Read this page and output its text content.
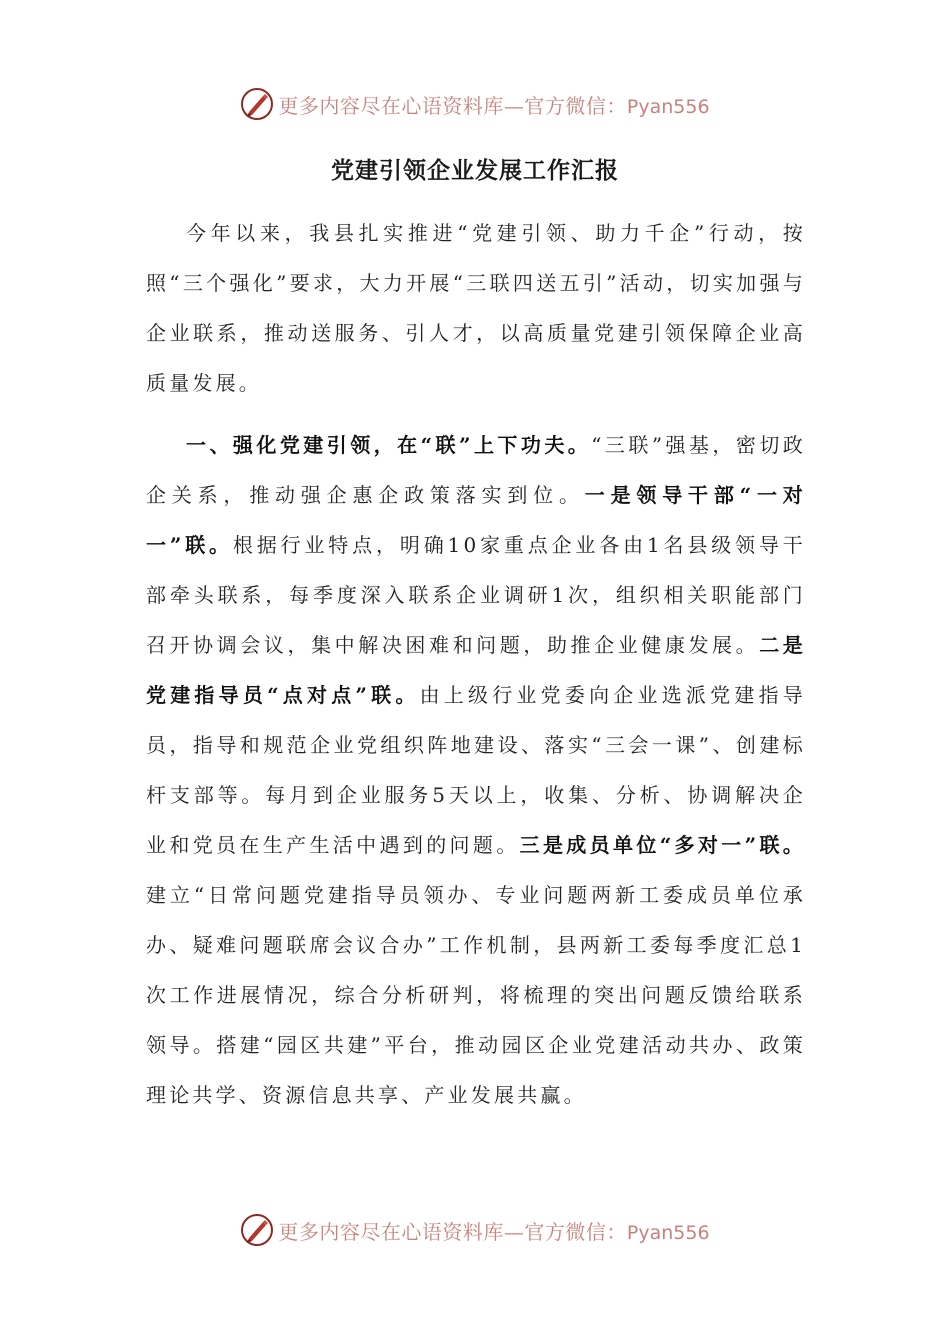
更多内容尽在心语资料库—官方微信：Pyan556
党建引领企业发展工作汇报

今年以来，我县扎实推进“党建引领、助力千企”行动，按照“三个强化”要求，大力开展“三联四送五引”活动，切实加强与企业联系，推动送服务、引人才，以高质量党建引领保障企业高质量发展。

一、强化党建引领，在“联”上下功夫。“三联”强基，密切政企关系，推动强企惠企政策落实到位。一是领导干部“一对一”联。根据行业特点，明确10家重点企业各由1名县级领导干部牵头联系，每季度深入联系企业调研1次，组织相关职能部门召开协调会议，集中解决困难和问题，助推企业健康发展。二是党建指导员“点对点”联。由上级行业党委向企业选派党建指导员，指导和规范企业党组织阵地建设、落实“三会一课”、创建标杆支部等。每月到企业服务5天以上，收集、分析、协调解决企业和党员在生产生活中遇到的问题。三是成员单位“多对一”联。建立“日常问题党建指导员领办、专业问题两新工委成员单位承办、疑难问题联席会议合办”工作机制，县两新工委每季度汇总1次工作进展情况，综合分析研判，将梳理的突出问题反馈给联系领导。搭建“园区共建”平台，推动园区企业党建活动共办、政策理论共学、资源信息共享、产业发展共赢。

更多内容尽在心语资料库—官方微信：Pyan556
